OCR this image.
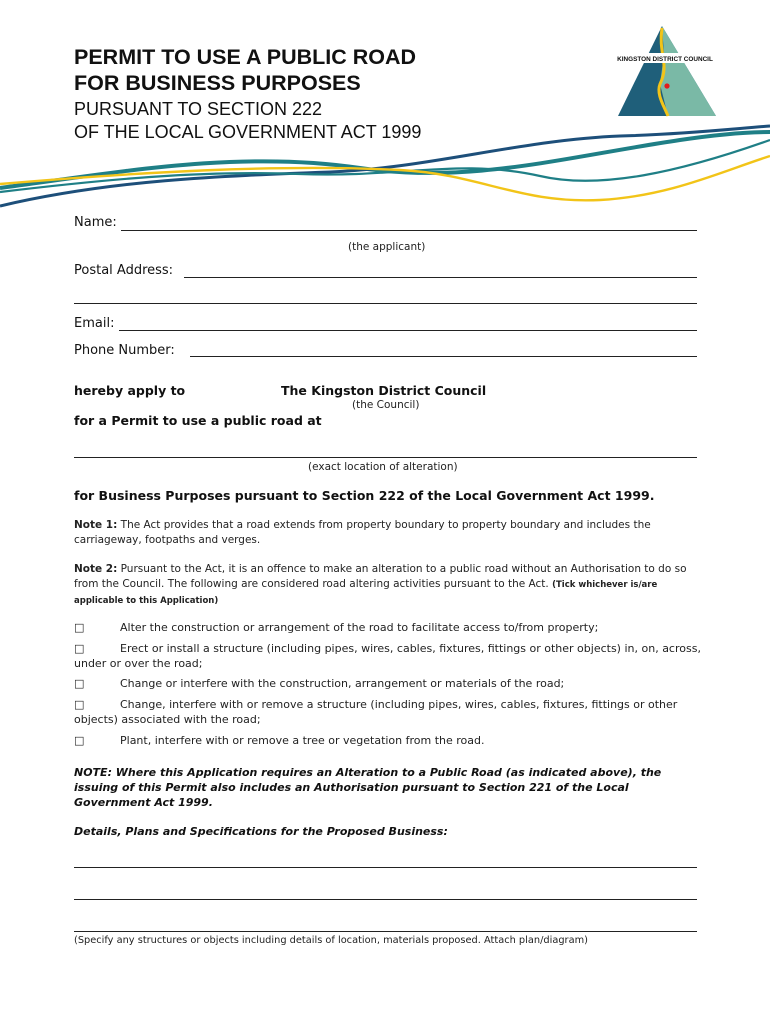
PERMIT TO USE A PUBLIC ROAD
FOR BUSINESS PURPOSES
PURSUANT TO SECTION 222
OF THE LOCAL GOVERNMENT ACT 1999
KINGSTON DISTRICT COUNCIL
Name:
(the applicant)
Postal Address:
Email:
Phone Number:
hereby apply to	The Kingston District Council
(the Council)
for a Permit to use a public road at
(exact location of alteration)
for Business Purposes pursuant to Section 222 of the Local Government Act 1999.
Note 1: The Act provides that a road extends from property boundary to property boundary and includes the carriageway, footpaths and verges.
Note 2: Pursuant to the Act, it is an offence to make an alteration to a public road without an Authorisation to do so from the Council. The following are considered road altering activities pursuant to the Act. (Tick whichever is/are applicable to this Application)
□	Alter the construction or arrangement of the road to facilitate access to/from property;
□	Erect or install a structure (including pipes, wires, cables, fixtures, fittings or other objects) in, on, across, under or over the road;
□	Change or interfere with the construction, arrangement or materials of the road;
□	Change, interfere with or remove a structure (including pipes, wires, cables, fixtures, fittings or other objects) associated with the road;
□	Plant, interfere with or remove a tree or vegetation from the road.
NOTE: Where this Application requires an Alteration to a Public Road (as indicated above), the issuing of this Permit also includes an Authorisation pursuant to Section 221 of the Local Government Act 1999.
Details, Plans and Specifications for the Proposed Business:
(Specify any structures or objects including details of location, materials proposed. Attach plan/diagram)
